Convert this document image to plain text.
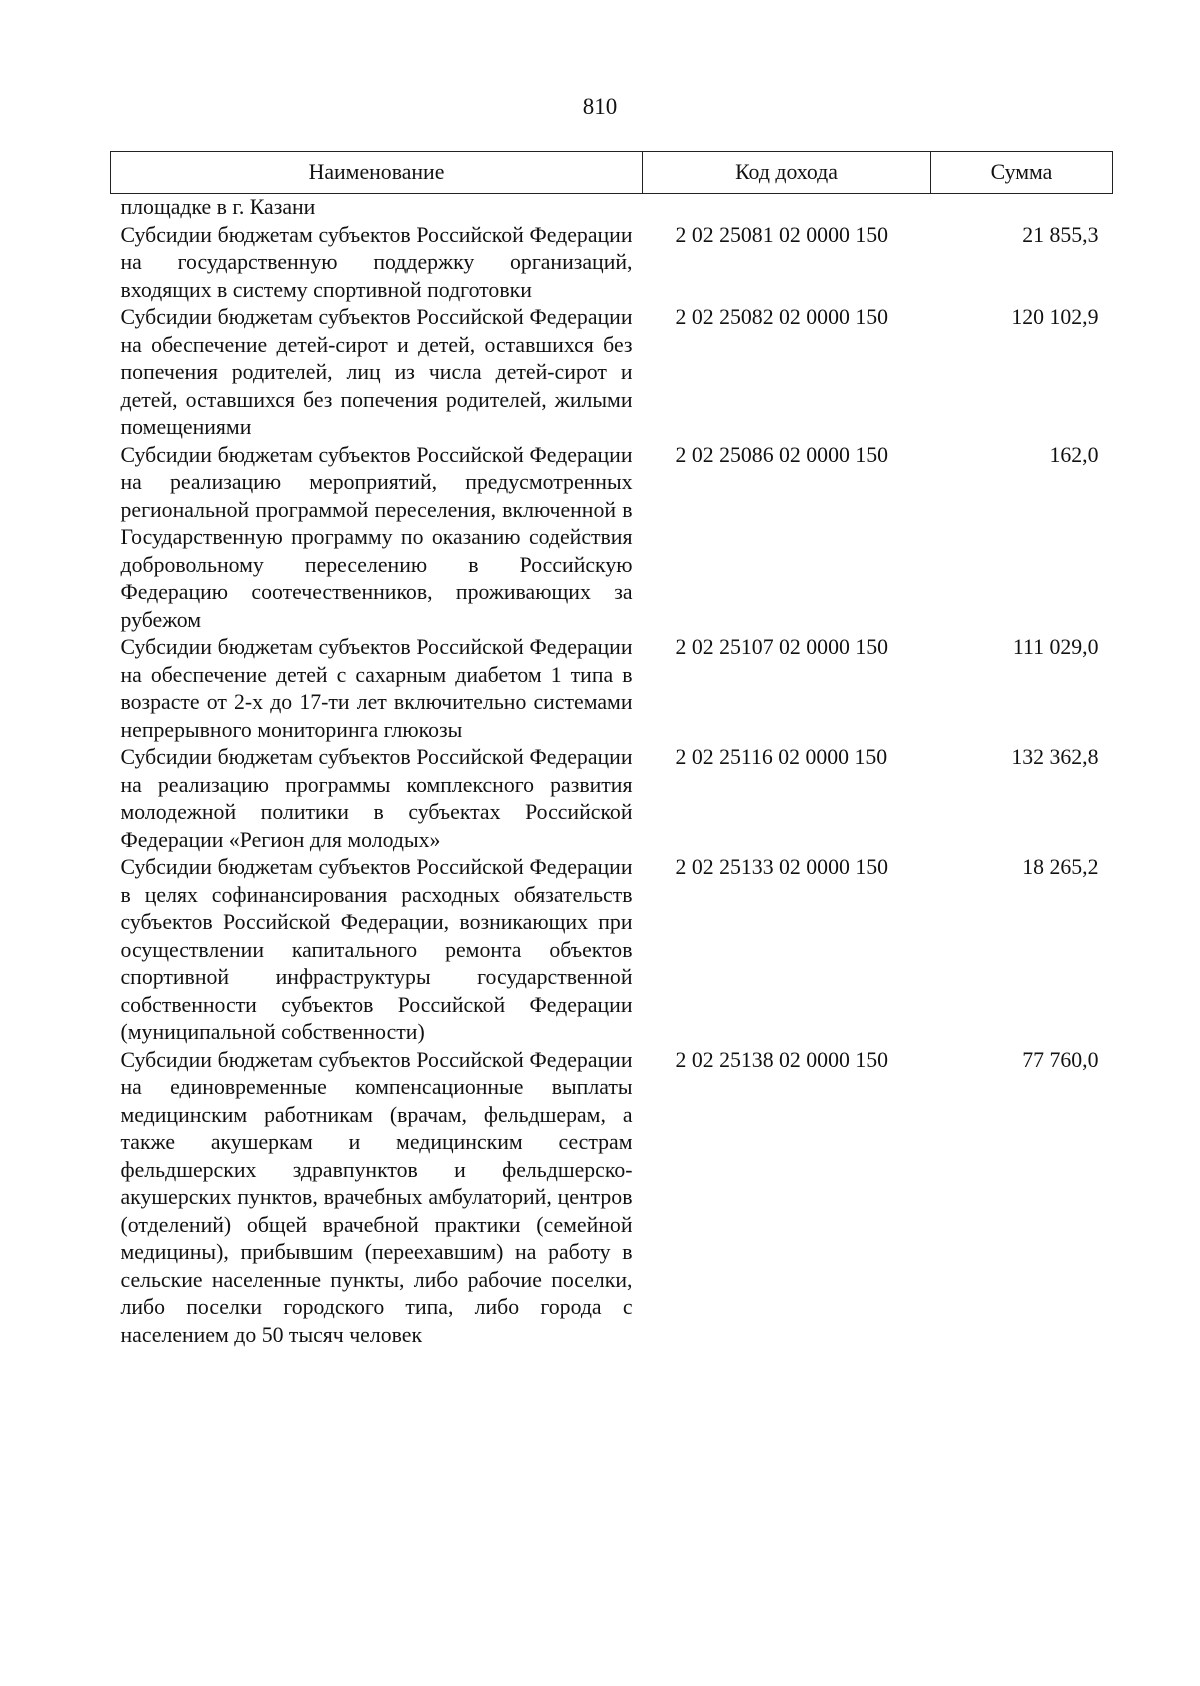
810
Наименование	Код дохода	Сумма
площадке в г. Казани		
Субсидии бюджетам субъектов Российской Федерации на государственную поддержку организаций, входящих в систему спортивной подготовки	2 02 25081 02 0000 150	21 855,3
Субсидии бюджетам субъектов Российской Федерации на обеспечение детей-сирот и детей, оставшихся без попечения родителей, лиц из числа детей-сирот и детей, оставшихся без попечения родителей, жилыми помещениями	2 02 25082 02 0000 150	120 102,9
Субсидии бюджетам субъектов Российской Федерации на реализацию мероприятий, предусмотренных региональной программой переселения, включенной в Государственную программу по оказанию содействия добровольному переселению в Российскую Федерацию соотечественников, проживающих за рубежом	2 02 25086 02 0000 150	162,0
Субсидии бюджетам субъектов Российской Федерации на обеспечение детей с сахарным диабетом 1 типа в возрасте от 2-х до 17-ти лет включительно системами непрерывного мониторинга глюкозы	2 02 25107 02 0000 150	111 029,0
Субсидии бюджетам субъектов Российской Федерации на реализацию программы комплексного развития молодежной политики в субъектах Российской Федерации «Регион для молодых»	2 02 25116 02 0000 150	132 362,8
Субсидии бюджетам субъектов Российской Федерации в целях софинансирования расходных обязательств субъектов Российской Федерации, возникающих при осуществлении капитального ремонта объектов спортивной инфраструктуры государственной собственности субъектов Российской Федерации (муниципальной собственности)	2 02 25133 02 0000 150	18 265,2
Субсидии бюджетам субъектов Российской Федерации на единовременные компенсационные выплаты медицинским работникам (врачам, фельдшерам, а также акушеркам и медицинским сестрам фельдшерских здравпунктов и фельдшерско-акушерских пунктов, врачебных амбулаторий, центров (отделений) общей врачебной практики (семейной медицины), прибывшим (переехавшим) на работу в сельские населенные пункты, либо рабочие поселки, либо поселки городского типа, либо города с населением до 50 тысяч человек	2 02 25138 02 0000 150	77 760,0
